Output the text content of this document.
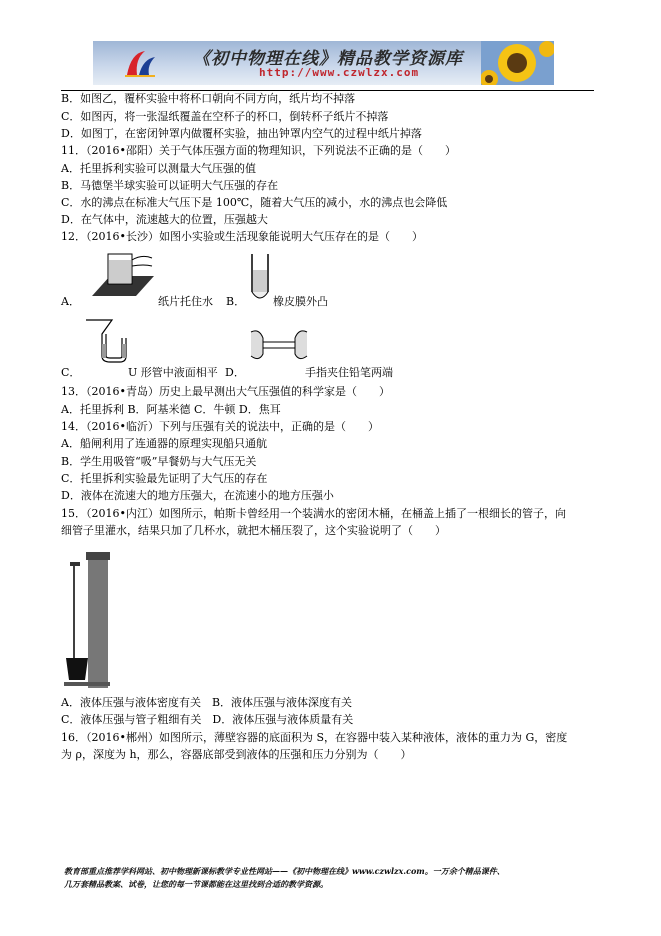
《初中物理在线》精品教学资源库
http://www.czwlzx.com
B．如图乙，覆杯实验中将杯口朝向不同方向，纸片均不掉落
C．如图丙，将一张湿纸覆盖在空杯子的杯口，倒转杯子纸片不掉落
D．如图丁，在密闭钟罩内做覆杯实验，抽出钟罩内空气的过程中纸片掉落
11．（2016•邵阳）关于气体压强方面的物理知识，下列说法不正确的是（　　）
A．托里拆利实验可以测量大气压强的值
B．马德堡半球实验可以证明大气压强的存在
C．水的沸点在标准大气压下是 100℃，随着大气压的减小，水的沸点也会降低
D．在气体中，流速越大的位置，压强越大
12．（2016•长沙）如图小实验或生活现象能说明大气压存在的是（　　）
A．	纸片托住水 B．	橡皮膜外凸
C．	U 形管中液面相平 D．	手指夹住铅笔两端
13．（2016•青岛）历史上最早测出大气压强值的科学家是（　　）
A．托里拆利 B．阿基米德 C．牛顿 D．焦耳
14．（2016•临沂）下列与压强有关的说法中，正确的是（　　）
A．船闸利用了连通器的原理实现船只通航
B．学生用吸管“吸”早餐奶与大气压无关
C．托里拆利实验最先证明了大气压的存在
D．液体在流速大的地方压强大，在流速小的地方压强小
15．（2016•内江）如图所示，帕斯卡曾经用一个装满水的密闭木桶，在桶盖上插了一根细长的管子，向
细管子里灌水，结果只加了几杯水，就把木桶压裂了，这个实验说明了（　　）
A．液体压强与液体密度有关　B．液体压强与液体深度有关
C．液体压强与管子粗细有关　D．液体压强与液体质量有关
16．（2016•郴州）如图所示，薄壁容器的底面积为 S，在容器中装入某种液体，液体的重力为 G，密度
为 ρ，深度为 h，那么，容器底部受到液体的压强和压力分别为（　　）
教育部重点推荐学科网站、初中物理新课标教学专业性网站——《初中物理在线》www.czwlzx.com。一万余个精品课件、
几万套精品教案、试卷，让您的每一节课都能在这里找到合适的教学资源。
